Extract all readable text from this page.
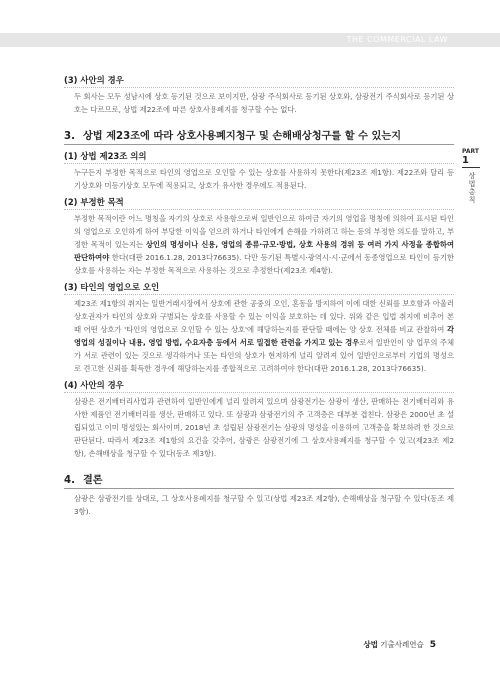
THE COMMERCIAL LAW
PART
1
상법총칙
(3) 사안의 경우

두 회사는 모두 성남시에 상호 등기된 것으로 보이지만, 삼광 주식회사로 등기된 상호와, 삼광전기 주식회사로 등기된 상호는 다르므로, 상법 제22조에 따른 상호사용폐지를 청구할 수는 없다.

3. 상법 제23조에 따라 상호사용폐지청구 및 손해배상청구를 할 수 있는지
(1) 상법 제23조 의의

누구든지 부정한 목적으로 타인의 영업으로 오인할 수 있는 상호를 사용하지 못한다(제23조 제1항). 제22조와 달리 등기상호와 미등기상호 모두에 적용되고, 상호가 유사한 경우에도 적용된다.

(2) 부정한 목적

부정한 목적이란 어느 명칭을 자기의 상호로 사용함으로써 일반인으로 하여금 자기의 영업을 명칭에 의하여 표시된 타인의 영업으로 오인하게 하여 부당한 이익을 얻으려 하거나 타인에게 손해를 가하려고 하는 등의 부정한 의도를 말하고, 부정한 목적이 있는지는 상인의 명성이나 신용, 영업의 종류·규모·방법, 상호 사용의 경위 등 여러 가지 사정을 종합하여 판단하여야 한다(대판 2016.1.28, 2013다76635). 다만 등기된 특별시·광역시·시·군에서 동종영업으로 타인이 등기한 상호를 사용하는 자는 부정한 목적으로 사용하는 것으로 추정한다(제23조 제4항).

(3) 타인의 영업으로 오인

제23조 제1항의 취지는 일반거래시장에서 상호에 관한 공중의 오인, 혼동을 방지하여 이에 대한 신뢰를 보호함과 아울러 상호권자가 타인의 상호와 구별되는 상호를 사용할 수 있는 이익을 보호하는 데 있다. 위와 같은 입법 취지에 비추어 본 때 어떤 상호가 '타인의 영업으로 오인할 수 있는 상호'에 해당하는지를 판단할 때에는 양 상호 전체를 비교 관찰하여 각 영업의 성질이나 내용, 영업 방법, 수요자층 등에서 서로 밀접한 관련을 가지고 있는 경우로서 일반인이 양 업무의 주체가 서로 관련이 있는 것으로 생각하거나 또는 타인의 상호가 현저하게 널리 알려져 있어 일반인으로부터 기업의 명성으로 견고한 신뢰를 획득한 경우에 해당하는지를 종합적으로 고려하여야 한다(대판 2016.1.28, 2013다76635).

(4) 사안의 경우

삼광은 전기배터리사업과 관련하여 일반인에게 널리 알려져 있으며 삼광전기는 삼광이 생산, 판매하는 전기배터리와 유사한 제품인 전기배터리를 생산, 판매하고 있다. 또 삼광과 삼광전기의 주 고객층은 대부분 겹친다. 삼광은 2000년 초 설립되었고 이미 명성있는 회사이며, 2018년 초 설립된 삼광전기는 삼광의 명성을 이용하여 고객층을 확보하려 한 것으로 판단된다. 따라서 제23조 제1항의 요건을 갖추어, 삼광은 삼광전기에 그 상호사용폐지를 청구할 수 있고(제23조 제2항), 손해배상을 청구할 수 있다(동조 제3항).

4. 결론

삼광은 삼광전기를 상대로, 그 상호사용폐지를 청구할 수 있고(상법 제23조 제2항), 손해배상을 청구할 수 있다(동조 제3항).

상법 기출사례연습 5
